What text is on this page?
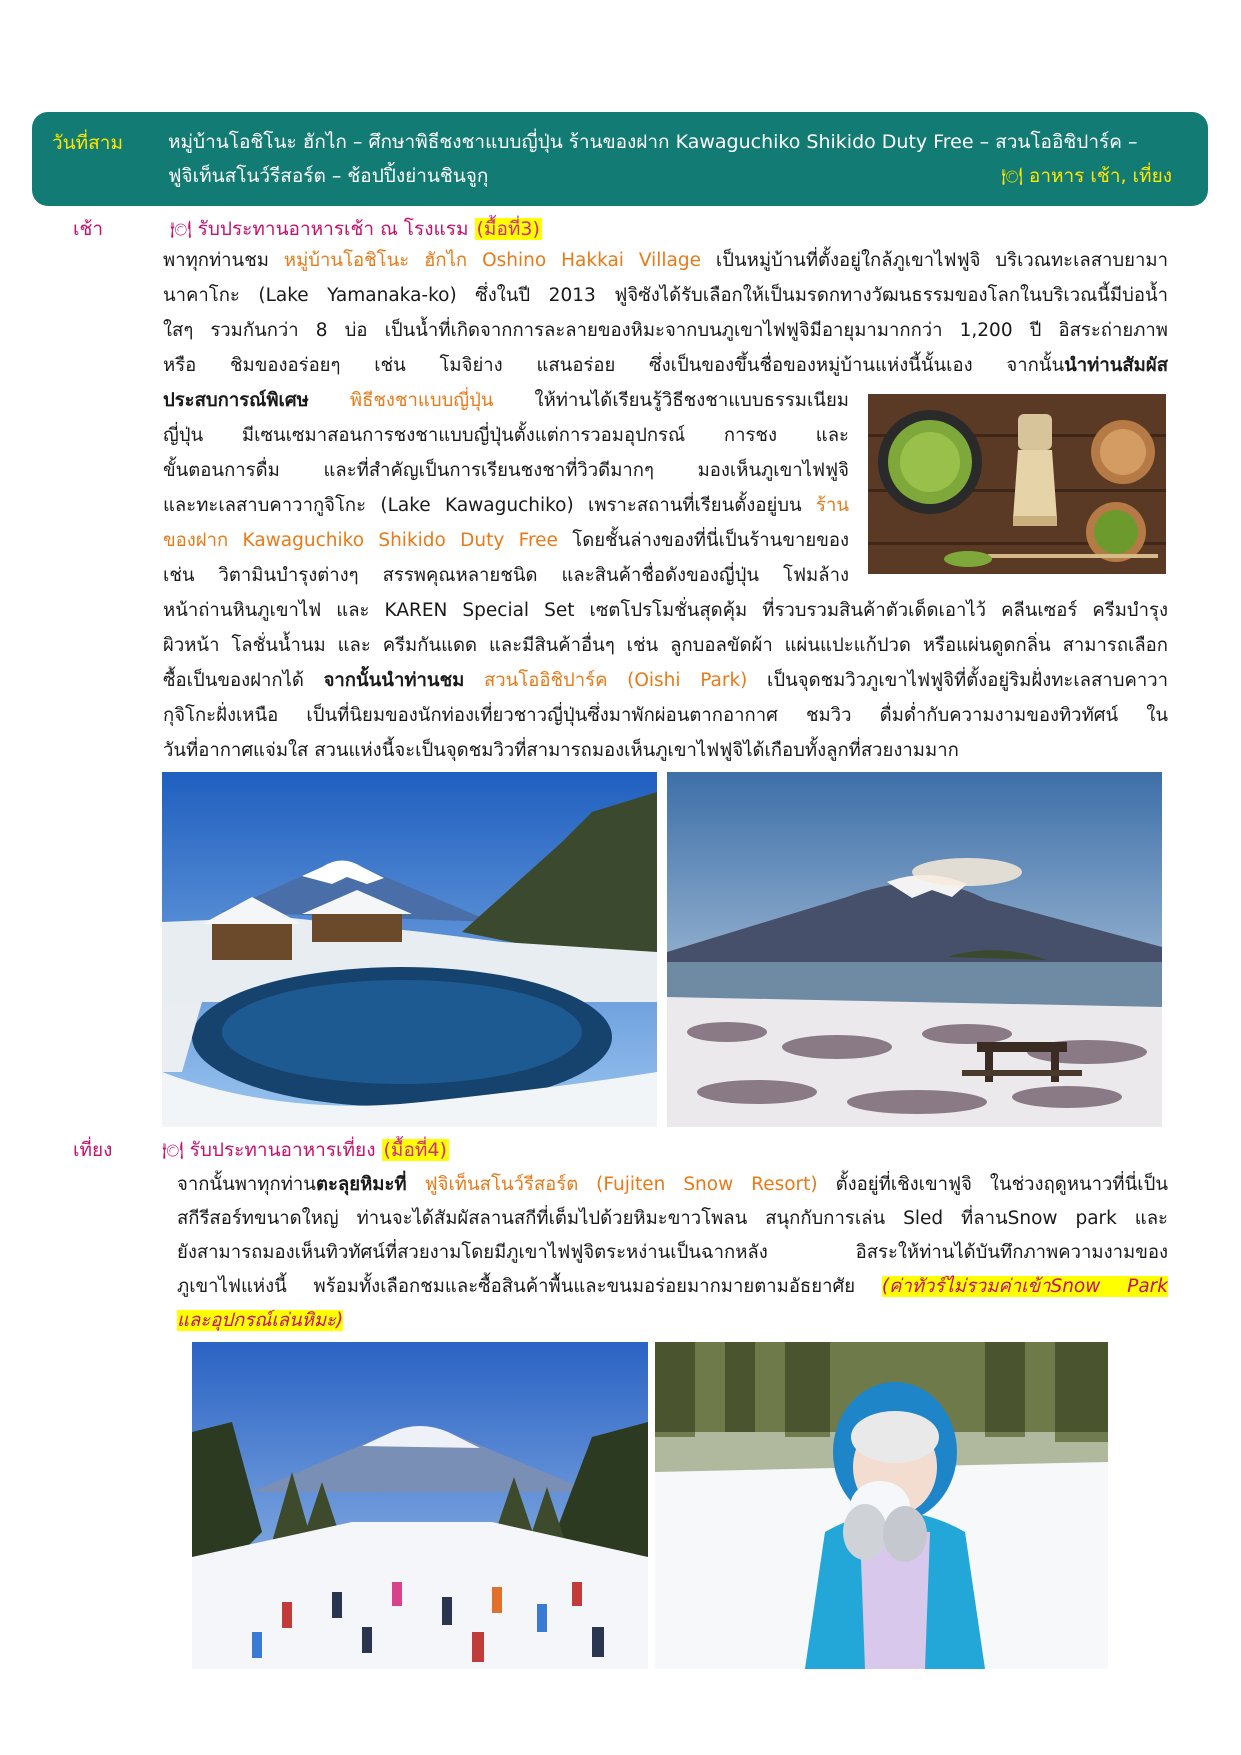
วันที่สาม หมู่บ้านโอชิโนะ ฮักไก – ศึกษาพิธีชงชาแบบญี่ปุ่น ร้านของฝาก Kawaguchiko Shikido Duty Free – สวนโออิชิปาร์ค –
ฟูจิเท็นสโนว์รีสอร์ต – ช้อปปิ้งย่านชินจูกุ	🍽 อาหาร เช้า, เที่ยง
เช้า	🍽 รับประทานอาหารเช้า ณ โรงแรม (มื้อที่3)
พาทุกท่านชม หมู่บ้านโอชิโนะ ฮักไก Oshino Hakkai Village เป็นหมู่บ้านที่ตั้งอยู่ใกล้ภูเขาไฟฟูจิ บริเวณทะเลสาบยามา
นาคาโกะ (Lake Yamanaka-ko) ซึ่งในปี 2013 ฟูจิซังได้รับเลือกให้เป็นมรดกทางวัฒนธรรมของโลกในบริเวณนี้มีบ่อน้ำ
ใสๆ รวมกันกว่า 8 บ่อ เป็นน้ำที่เกิดจากการละลายของหิมะจากบนภูเขาไฟฟูจิมีอายุมามากกว่า 1,200 ปี อิสระถ่ายภาพ
หรือ ชิมของอร่อยๆ เช่น โมจิย่าง แสนอร่อย ซึ่งเป็นของขึ้นชื่อของหมู่บ้านแห่งนี้นั้นเอง จากนั้นนำท่านสัมผัส
ประสบการณ์พิเศษ พิธีชงชาแบบญี่ปุ่น ให้ท่านได้เรียนรู้วิธีชงชาแบบธรรมเนียม
ญี่ปุ่น มีเซนเซมาสอนการชงชาแบบญี่ปุ่นตั้งแต่การวอมอุปกรณ์ การชง และ
ขั้นตอนการดื่ม และที่สำคัญเป็นการเรียนชงชาที่วิวดีมากๆ มองเห็นภูเขาไฟฟูจิ
และทะเลสาบคาวากูจิโกะ (Lake Kawaguchiko) เพราะสถานที่เรียนตั้งอยู่บน ร้าน
ของฝาก Kawaguchiko Shikido Duty Free โดยชั้นล่างของที่นี่เป็นร้านขายของ
เช่น วิตามินบำรุงต่างๆ สรรพคุณหลายชนิด และสินค้าชื่อดังของญี่ปุ่น โฟมล้าง
หน้าถ่านหินภูเขาไฟ และ KAREN Special Set เซตโปรโมชั่นสุดคุ้ม ที่รวบรวมสินค้าตัวเด็ดเอาไว้ คลีนเซอร์ ครีมบำรุง
ผิวหน้า โลชั่นน้ำนม และ ครีมกันแดด และมีสินค้าอื่นๆ เช่น ลูกบอลขัดผ้า แผ่นแปะแก้ปวด หรือแผ่นดูดกลิ่น สามารถเลือก
ซื้อเป็นของฝากได้ จากนั้นนำท่านชม สวนโออิชิปาร์ค (Oishi Park) เป็นจุดชมวิวภูเขาไฟฟูจิที่ตั้งอยู่ริมฝั่งทะเลสาบคาวา
กุจิโกะฝั่งเหนือ เป็นที่นิยมของนักท่องเที่ยวชาวญี่ปุ่นซึ่งมาพักผ่อนตากอากาศ ชมวิว ดื่มด่ำกับความงามของทิวทัศน์ ใน
วันที่อากาศแจ่มใส สวนแห่งนี้จะเป็นจุดชมวิวที่สามารถมองเห็นภูเขาไฟฟูจิได้เกือบทั้งลูกที่สวยงามมาก
เที่ยง	🍽 รับประทานอาหารเที่ยง (มื้อที่4)
จากนั้นพาทุกท่านตะลุยหิมะที่ ฟูจิเท็นสโนว์รีสอร์ต (Fujiten Snow Resort) ตั้งอยู่ที่เชิงเขาฟูจิ ในช่วงฤดูหนาวที่นี่เป็น
สกีรีสอร์ทขนาดใหญ่ ท่านจะได้สัมผัสลานสกีที่เต็มไปด้วยหิมะขาวโพลน สนุกกับการเล่น Sled ที่ลานSnow park และ
ยังสามารถมองเห็นทิวทัศน์ที่สวยงามโดยมีภูเขาไฟฟูจิตระหง่านเป็นฉากหลัง อิสระให้ท่านได้บันทึกภาพความงามของ
ภูเขาไฟแห่งนี้ พร้อมทั้งเลือกชมและซื้อสินค้าพื้นและขนมอร่อยมากมายตามอัธยาศัย (ค่าทัวร์ไม่รวมค่าเข้าSnow Park
และอุปกรณ์เล่นหิมะ)
